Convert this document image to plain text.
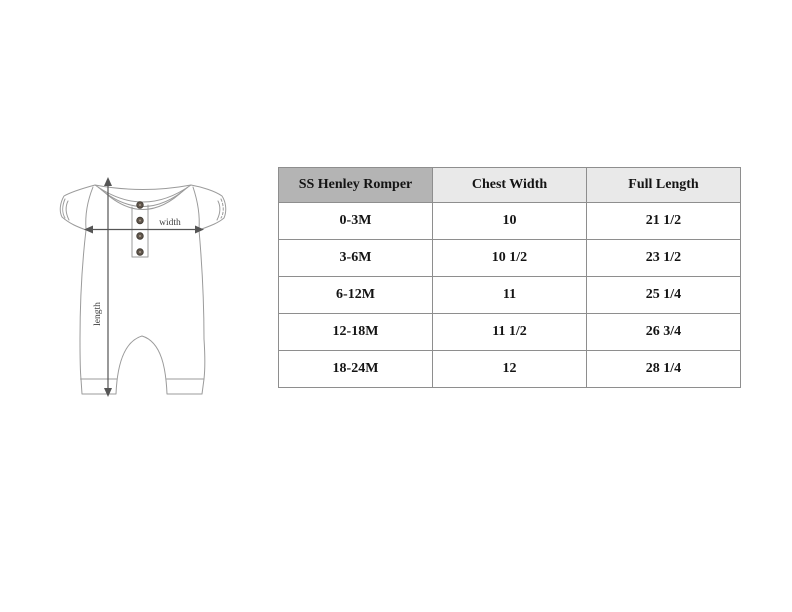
width
length
SS Henley Romper	Chest Width	Full Length
0-3M	10	21 1/2
3-6M	10 1/2	23 1/2
6-12M	11	25 1/4
12-18M	11 1/2	26 3/4
18-24M	12	28 1/4
